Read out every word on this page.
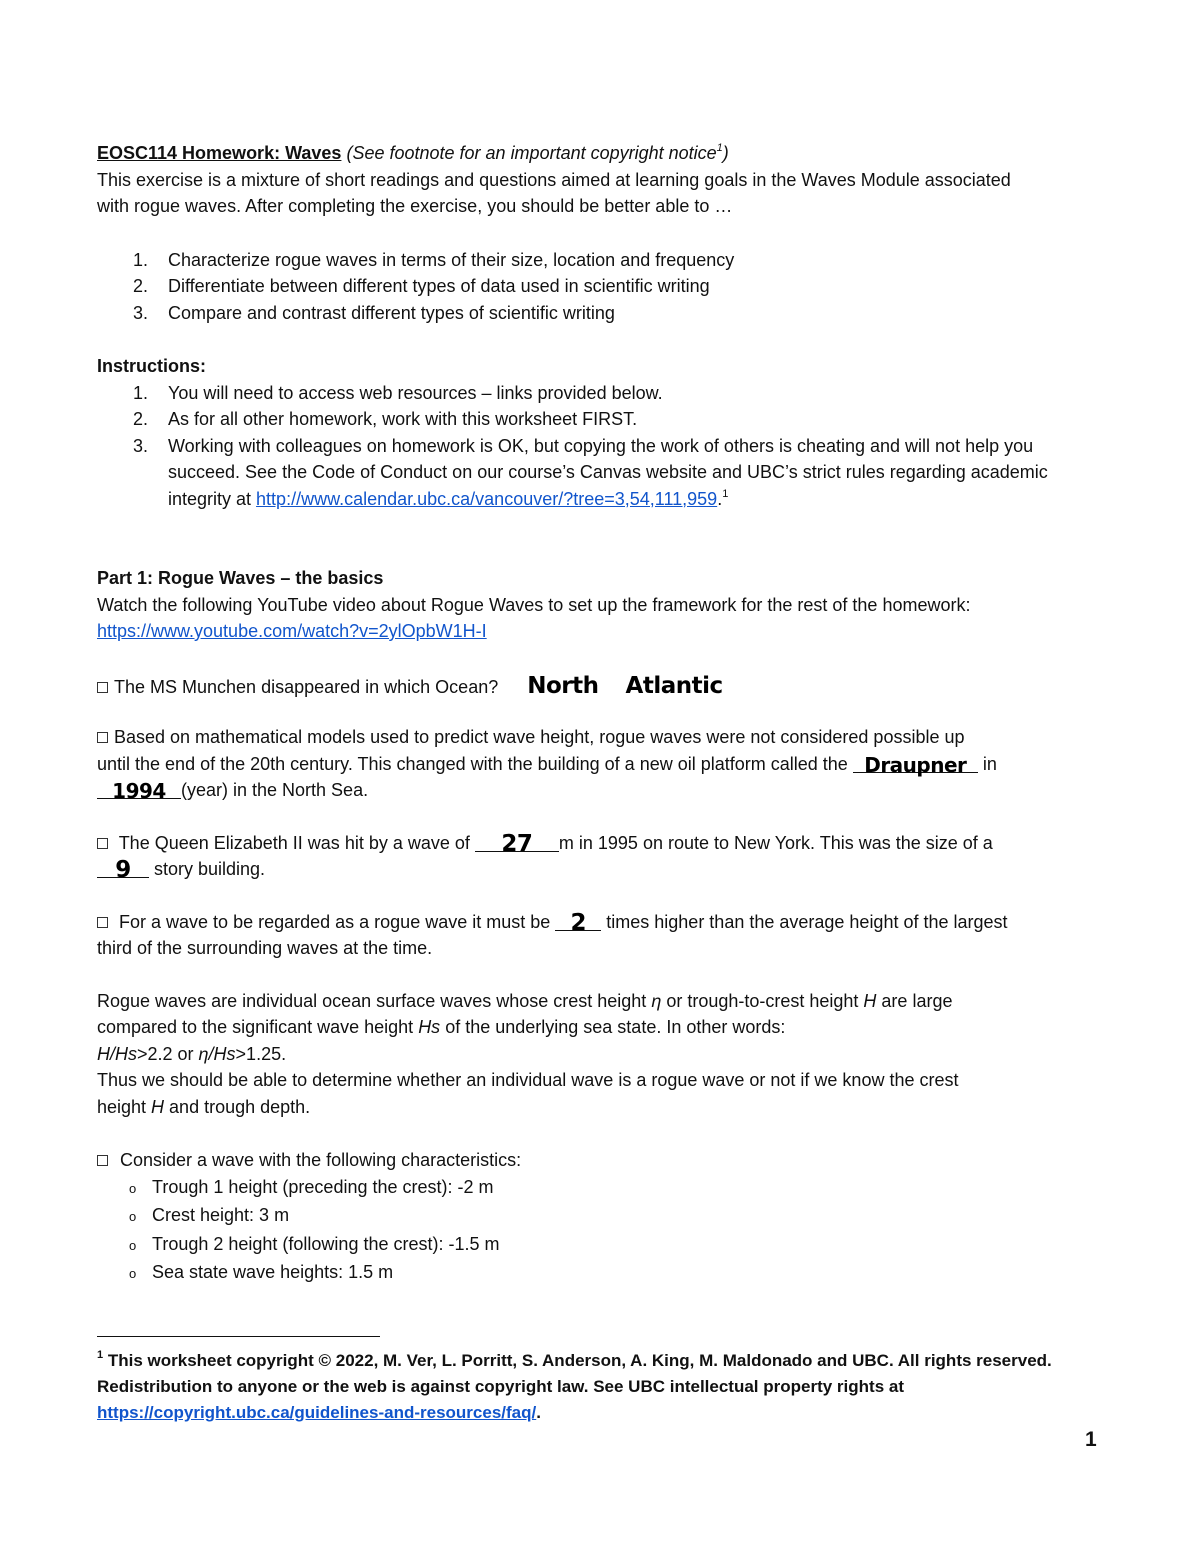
EOSC114 Homework: Waves (See footnote for an important copyright notice$^1$)
This exercise is a mixture of short readings and questions aimed at learning goals in the Waves Module associated
with rogue waves. After completing the exercise, you should be better able to …
1.	Characterize rogue waves in terms of their size, location and frequency
2.	Differentiate between different types of data used in scientific writing
3.	Compare and contrast different types of scientific writing
Instructions:
1.	You will need to access web resources – links provided below.
2.	As for all other homework, work with this worksheet FIRST.
3.	Working with colleagues on homework is OK, but copying the work of others is cheating and will not help you succeed. See the Code of Conduct on our course’s Canvas website and UBC’s strict rules regarding academic integrity at http://www.calendar.ubc.ca/vancouver/?tree=3,54,111,959.$^1$
Part 1: Rogue Waves – the basics
Watch the following YouTube video about Rogue Waves to set up the framework for the rest of the homework:
https://www.youtube.com/watch?v=2ylOpbW1H-I
The MS Munchen disappeared in which Ocean? North Atlantic
Based on mathematical models used to predict wave height, rogue waves were not considered possible up
until the end of the 20th century. This changed with the building of a new oil platform called the Draupner in
1994 (year) in the North Sea.
The Queen Elizabeth II was hit by a wave of 27 m in 1995 on route to New York. This was the size of a
9 story building.
For a wave to be regarded as a rogue wave it must be 2 times higher than the average height of the largest
third of the surrounding waves at the time.
Rogue waves are individual ocean surface waves whose crest height η or trough-to-crest height H are large
compared to the significant wave height Hs of the underlying sea state. In other words:
H/Hs>2.2 or η/Hs>1.25.
Thus we should be able to determine whether an individual wave is a rogue wave or not if we know the crest
height H and trough depth.
Consider a wave with the following characteristics:
o Trough 1 height (preceding the crest): -2 m
o Crest height: 3 m
o Trough 2 height (following the crest): -1.5 m
o Sea state wave heights: 1.5 m
$^1$ This worksheet copyright © 2022, M. Ver, L. Porritt, S. Anderson, A. King, M. Maldonado and UBC. All rights reserved.
Redistribution to anyone or the web is against copyright law. See UBC intellectual property rights at
https://copyright.ubc.ca/guidelines-and-resources/faq/.
1
